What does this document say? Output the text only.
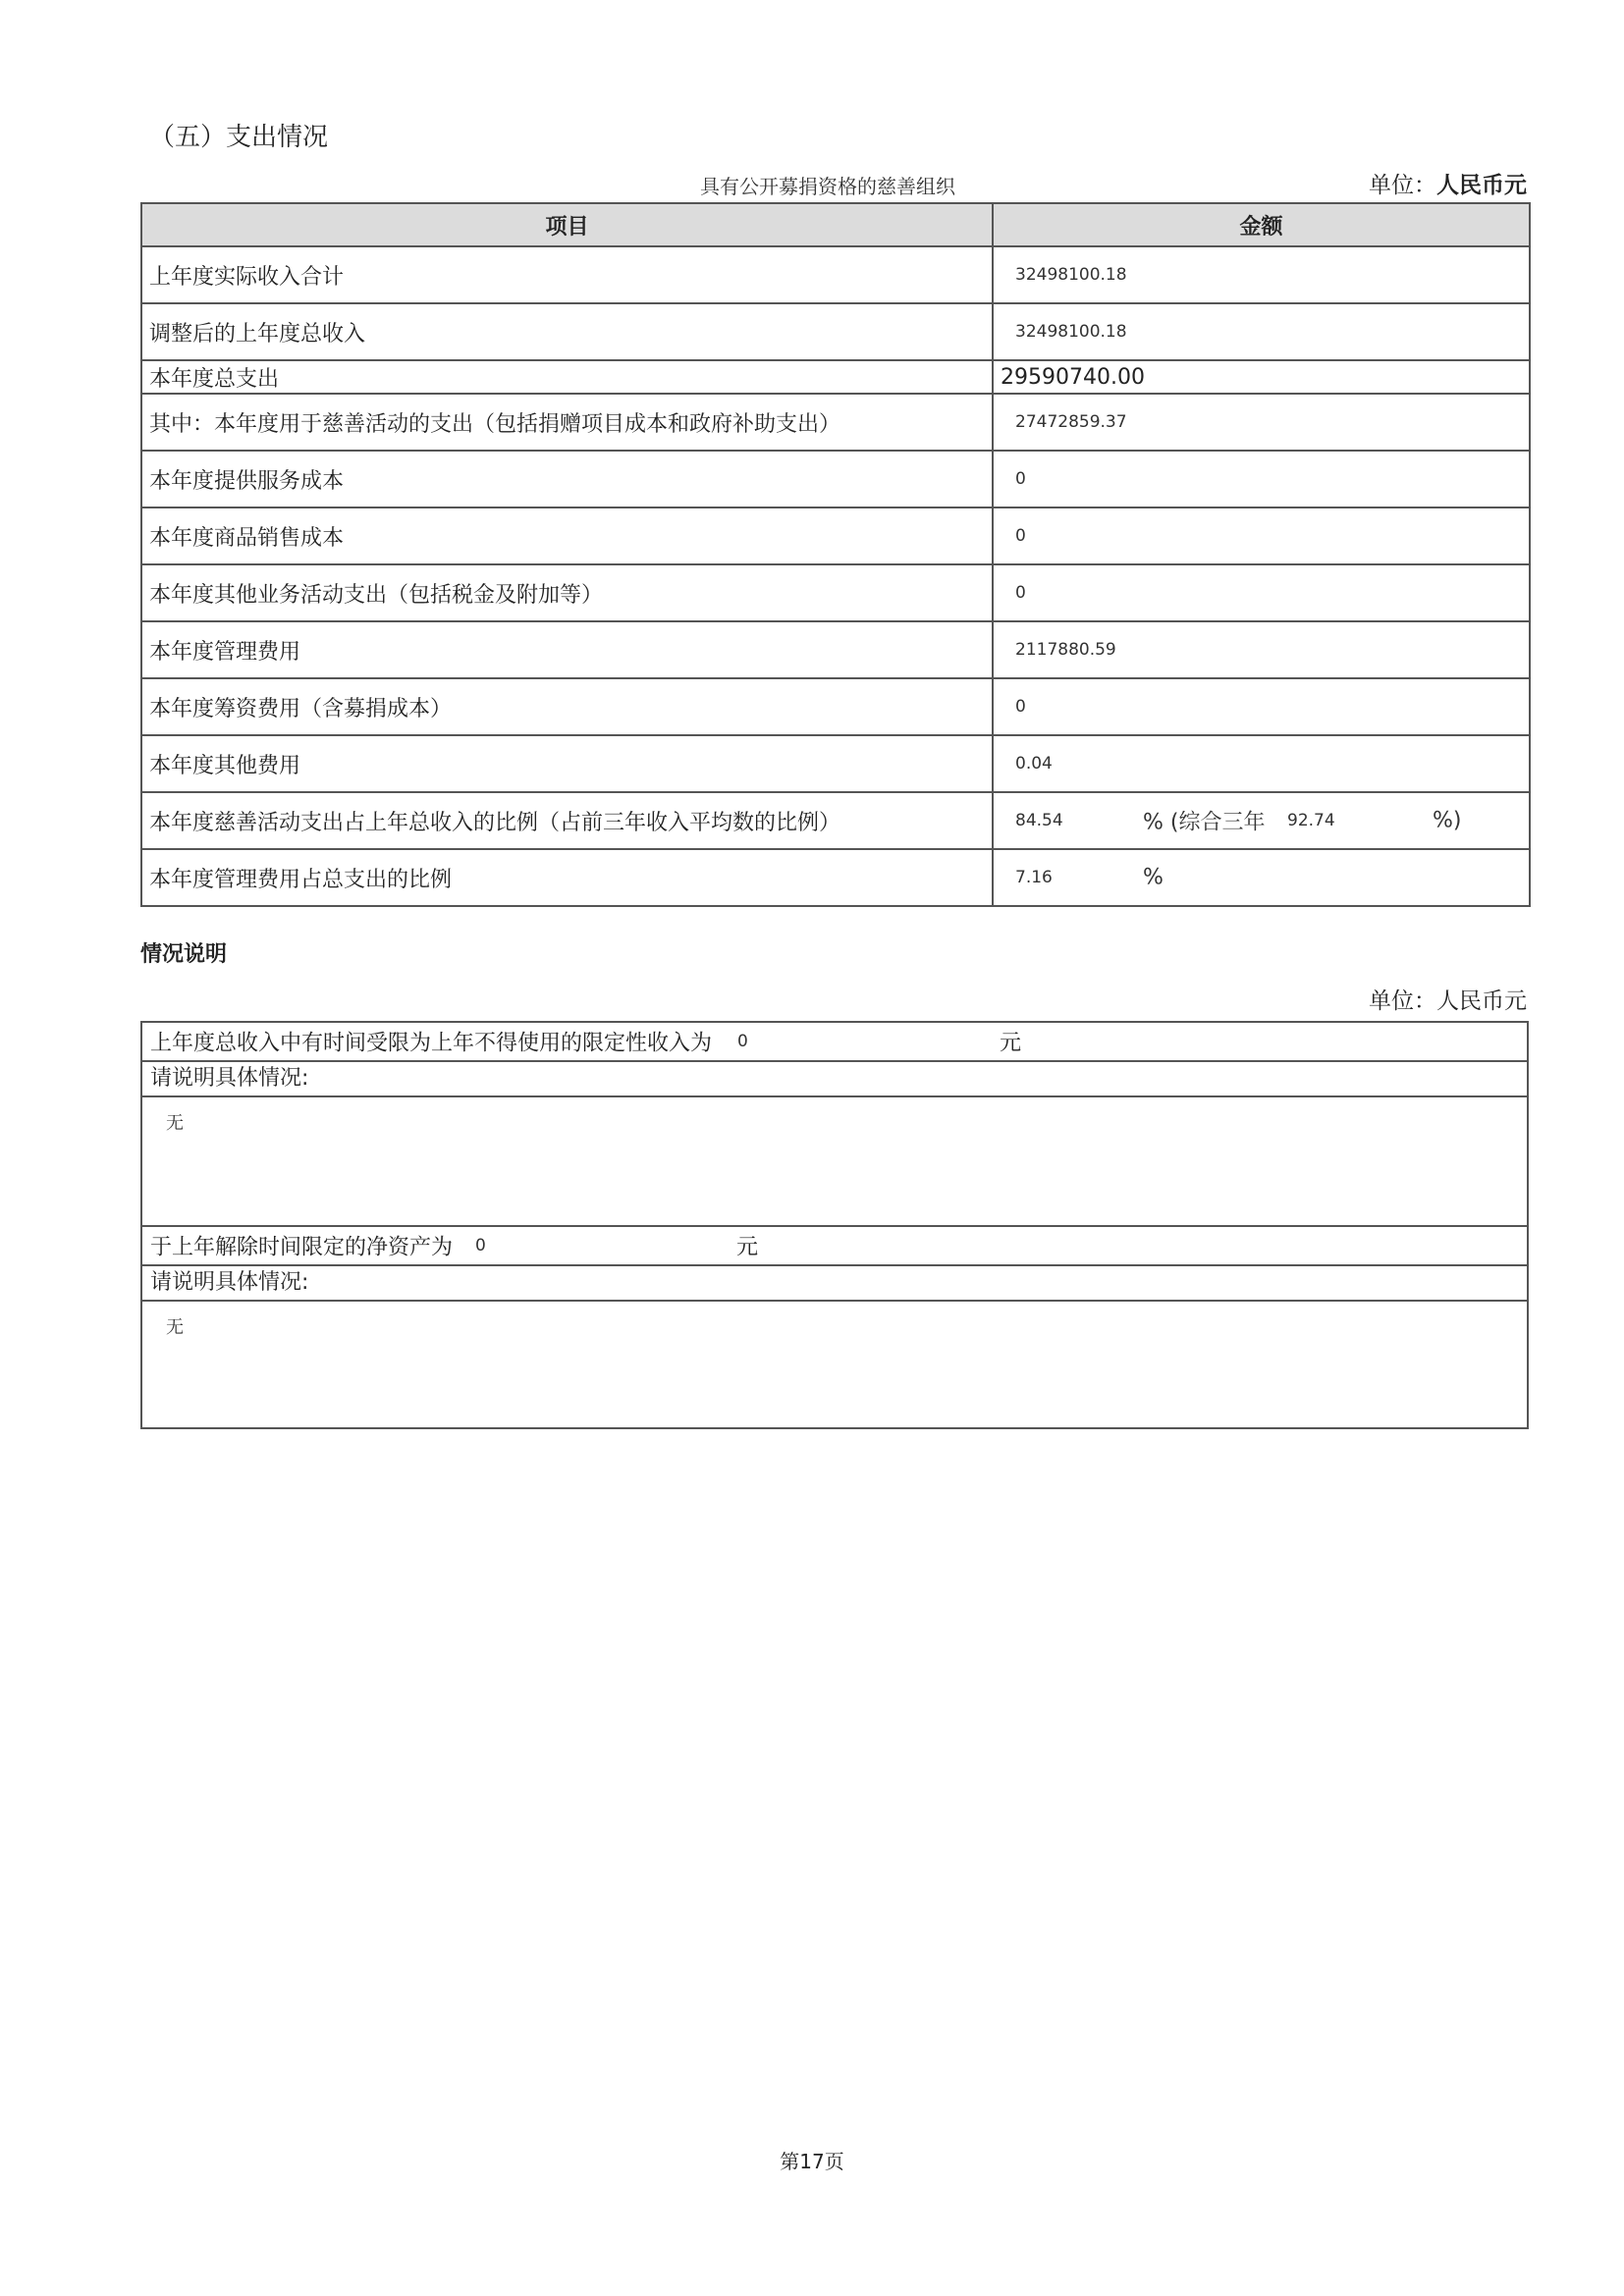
（五）支出情况
具有公开募捐资格的慈善组织	单位：人民币元
项目	金额
上年度实际收入合计	32498100.18
调整后的上年度总收入	32498100.18
本年度总支出	29590740.00
其中：本年度用于慈善活动的支出（包括捐赠项目成本和政府补助支出）	27472859.37
本年度提供服务成本	0
本年度商品销售成本	0
本年度其他业务活动支出（包括税金及附加等）	0
本年度管理费用	2117880.59
本年度筹资费用（含募捐成本）	0
本年度其他费用	0.04
本年度慈善活动支出占上年总收入的比例（占前三年收入平均数的比例）	84.54 % (综合三年 92.74 %)

本年度管理费用占总支出的比例	7.16 %
情况说明
单位：人民币元
上年度总收入中有时间受限为上年不得使用的限定性收入为 0	元
请说明具体情况:
无
于上年解除时间限定的净资产为 0	元
请说明具体情况:
无
第17页
